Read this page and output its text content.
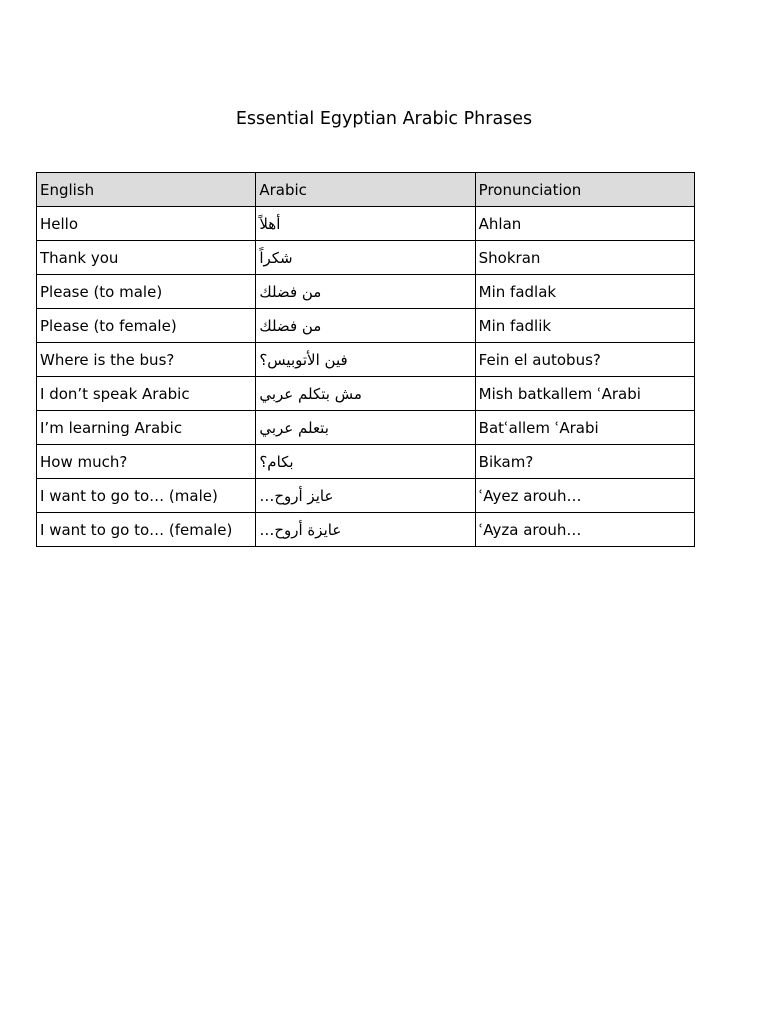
Essential Egyptian Arabic Phrases
English	Arabic	Pronunciation
Hello	أهلاً	Ahlan
Thank you	شكراً	Shokran
Please (to male)	من فضلك	Min fadlak
Please (to female)	من فضلك	Min fadlik
Where is the bus?	فين الأتوبيس؟	Fein el autobus?
I don’t speak Arabic	مش بتكلم عربي	Mish batkallem ʿArabi
I’m learning Arabic	بتعلم عربي	Batʿallem ʿArabi
How much?	بكام؟	Bikam?
I want to go to… (male)	عايز أروح…	ʿAyez arouh…
I want to go to… (female)	عايزة أروح…	ʿAyza arouh…
